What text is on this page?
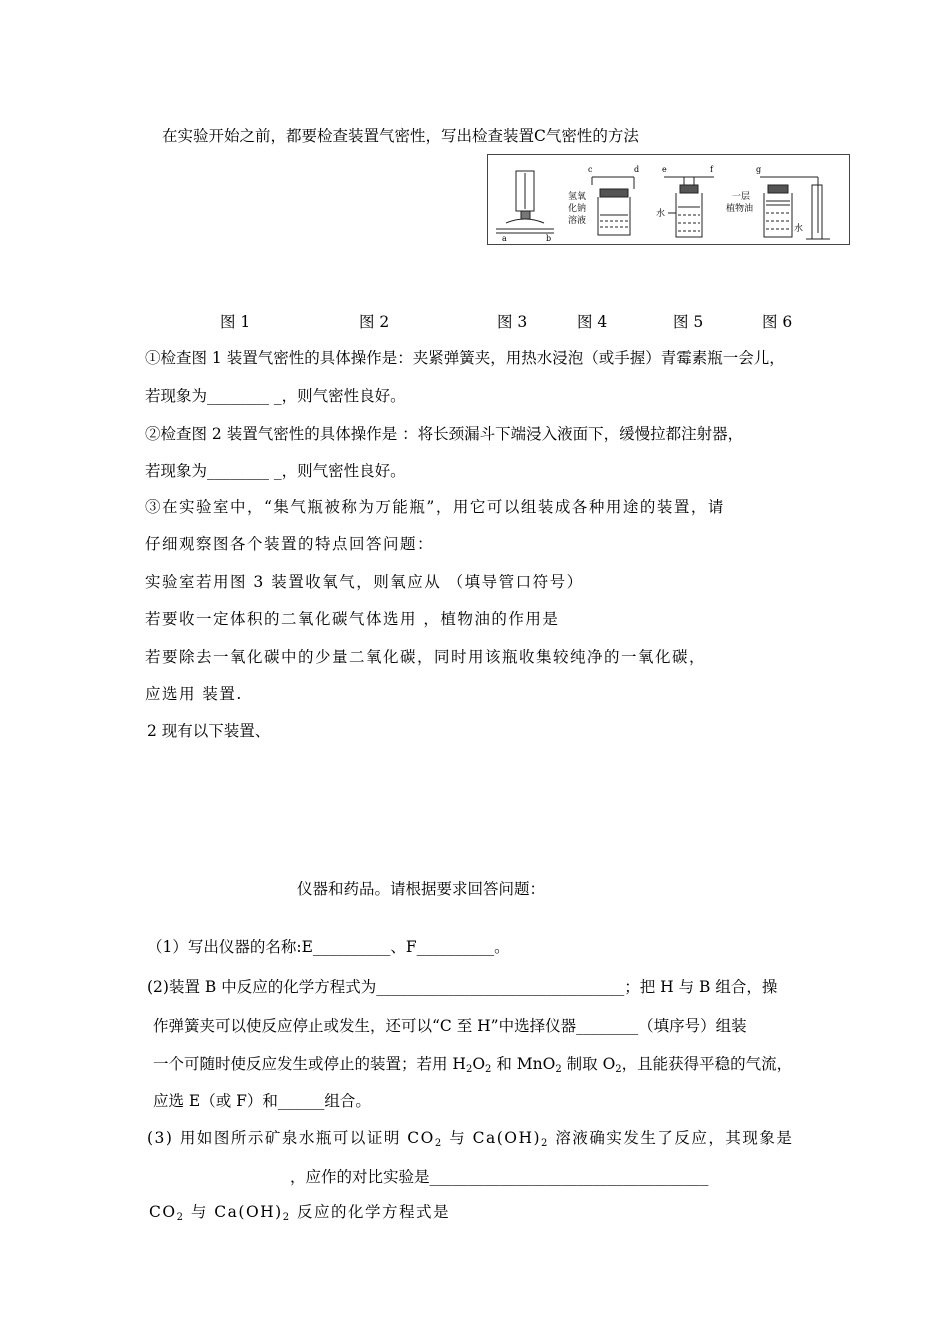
在实验开始之前，都要检查装置气密性，写出检查装置C气密性的方法
a	b
c	d
氢氧
化钠
溶液
e	f
水
g
一层
植物油
水
图 1	图 2	图 3	图 4	图 5	图 6
①检查图 1 装置气密性的具体操作是：夹紧弹簧夹，用热水浸泡（或手握）青霉素瓶一会儿，
若现象为________ _，则气密性良好。
②检查图 2 装置气密性的具体操作是 ：将长颈漏斗下端浸入液面下，缓慢拉都注射器，
若现象为________ _，则气密性良好。
③在实验室中，“集气瓶被称为万能瓶”，用它可以组装成各种用途的装置，请
仔细观察图各个装置的特点回答问题：
实验室若用图 3 装置收氧气，则氧应从 （填导管口符号）
若要收一定体积的二氧化碳气体选用 ，植物油的作用是
若要除去一氧化碳中的少量二氧化碳，同时用该瓶收集较纯净的一氧化碳，
应选用 装置.
2 现有以下装置、
仪器和药品。请根据要求回答问题：
（1）写出仪器的名称:E__________、F__________。
(2)装置 B 中反应的化学方程式为________________________________；把 H 与 B 组合，操
作弹簧夹可以使反应停止或发生，还可以“C 至 H”中选择仪器________（填序号）组装
一个可随时使反应发生或停止的装置；若用 $H_2O_2$ 和 MnO$_2$ 制取 $O_2$，且能获得平稳的气流，
应选 E（或 F）和______组合。
(3) 用如图所示矿泉水瓶可以证明 $CO_2$ 与 $Ca(OH)_2$ 溶液确实发生了反应，其现象是
，应作的对比实验是____________________________________
$CO_2$ 与 $Ca(OH)_2$ 反应的化学方程式是
